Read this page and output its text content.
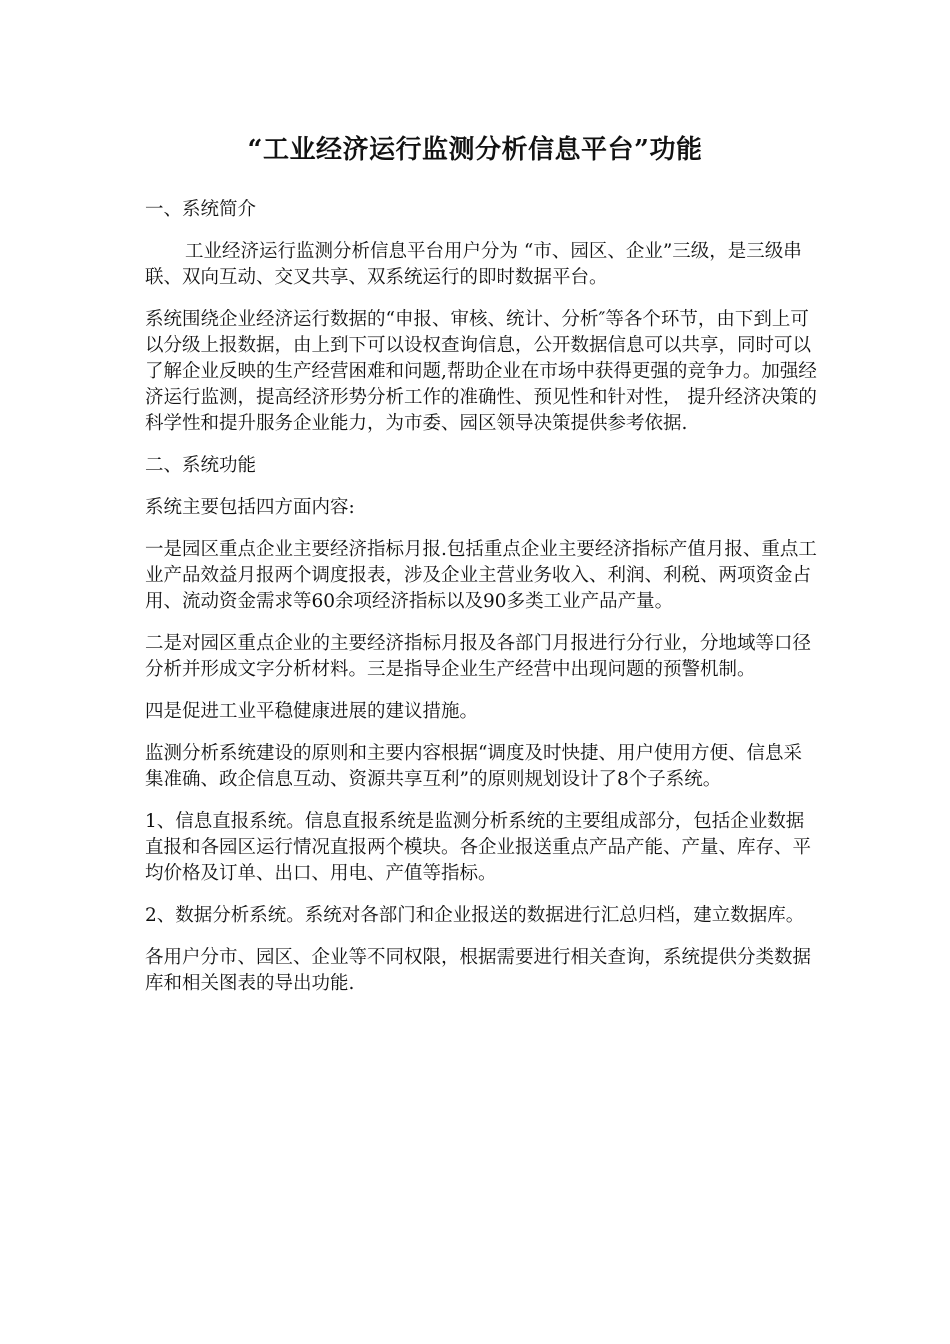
“工业经济运行监测分析信息平台”功能

一、系统简介

工业经济运行监测分析信息平台用户分为 “市、园区、企业”三级，是三级串联、双向互动、交叉共享、双系统运行的即时数据平台。

系统围绕企业经济运行数据的“申报、审核、统计、分析″等各个环节，由下到上可以分级上报数据，由上到下可以设权查询信息，公开数据信息可以共享，同时可以了解企业反映的生产经营困难和问题,帮助企业在市场中获得更强的竞争力。加强经济运行监测，提高经济形势分析工作的准确性、预见性和针对性， 提升经济决策的科学性和提升服务企业能力，为市委、园区领导决策提供参考依据.

二、系统功能

系统主要包括四方面内容:

一是园区重点企业主要经济指标月报.包括重点企业主要经济指标产值月报、重点工业产品效益月报两个调度报表，涉及企业主营业务收入、利润、利税、两项资金占用、流动资金需求等60余项经济指标以及90多类工业产品产量。

二是对园区重点企业的主要经济指标月报及各部门月报进行分行业，分地域等口径分析并形成文字分析材料。三是指导企业生产经营中出现问题的预警机制。

四是促进工业平稳健康进展的建议措施。

监测分析系统建设的原则和主要内容根据“调度及时快捷、用户使用方便、信息采集准确、政企信息互动、资源共享互利”的原则规划设计了8个子系统。

1、信息直报系统。信息直报系统是监测分析系统的主要组成部分，包括企业数据直报和各园区运行情况直报两个模块。各企业报送重点产品产能、产量、库存、平均价格及订单、出口、用电、产值等指标。

2、数据分析系统。系统对各部门和企业报送的数据进行汇总归档，建立数据库。

各用户分市、园区、企业等不同权限，根据需要进行相关查询，系统提供分类数据库和相关图表的导出功能.
